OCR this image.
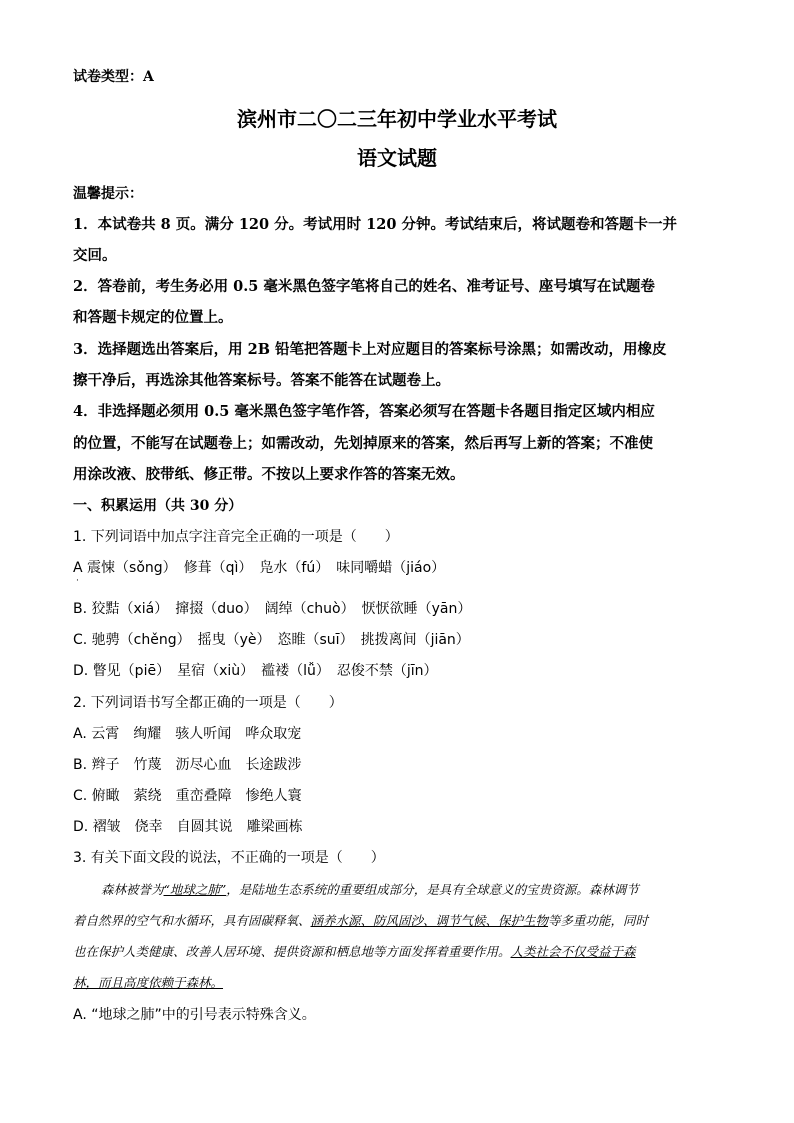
试卷类型：A
滨州市二〇二三年初中学业水平考试
语文试题
温馨提示：
1．本试卷共 8 页。满分 120 分。考试用时 120 分钟。考试结束后，将试题卷和答题卡一并
交回。
2．答卷前，考生务必用 0.5 毫米黑色签字笔将自己的姓名、准考证号、座号填写在试题卷
和答题卡规定的位置上。
3．选择题选出答案后，用 2B 铅笔把答题卡上对应题目的答案标号涂黑；如需改动，用橡皮
擦干净后，再选涂其他答案标号。答案不能答在试题卷上。
4．非选择题必须用 0.5 毫米黑色签字笔作答，答案必须写在答题卡各题目指定区域内相应
的位置，不能写在试题卷上；如需改动，先划掉原来的答案，然后再写上新的答案；不准使
用涂改液、胶带纸、修正带。不按以上要求作答的答案无效。
一、积累运用（共 30 分）
1. 下列词语中加点字注音完全正确的一项是（　　）
A 震悚（sǒng）　修葺（qì）　凫水（fú）　味同嚼蜡（jiáo）
·
B. 狡黠（xiá）　撺掇（duo）　阔绰（chuò）　恹恹欲睡（yān）
C. 驰骋（chěng）　摇曳（yè）　恣睢（suī）　挑拨离间（jiān）
D. 瞥见（piē）　星宿（xiù）　褴褛（lǚ）　忍俊不禁（jīn）
2. 下列词语书写全都正确的一项是（　　）
A. 云霄　绚耀　骇人听闻　哗众取宠
B. 辫子　竹蔑　沥尽心血　长途跋涉
C. 俯瞰　萦绕　重峦叠障　惨绝人寰
D. 褶皱　侥幸　自圆其说　雕梁画栋
3. 有关下面文段的说法，不正确的一项是（　　）
森林被誉为“地球之肺”，是陆地生态系统的重要组成部分，是具有全球意义的宝贵资源。森林调节
着自然界的空气和水循环，具有固碳释氧、涵养水源、防风固沙、调节气候、保护生物等多重功能，同时
也在保护人类健康、改善人居环境、提供资源和栖息地等方面发挥着重要作用。人类社会不仅受益于森
林，而且高度依赖于森林。
A. “地球之肺”中的引号表示特殊含义。
